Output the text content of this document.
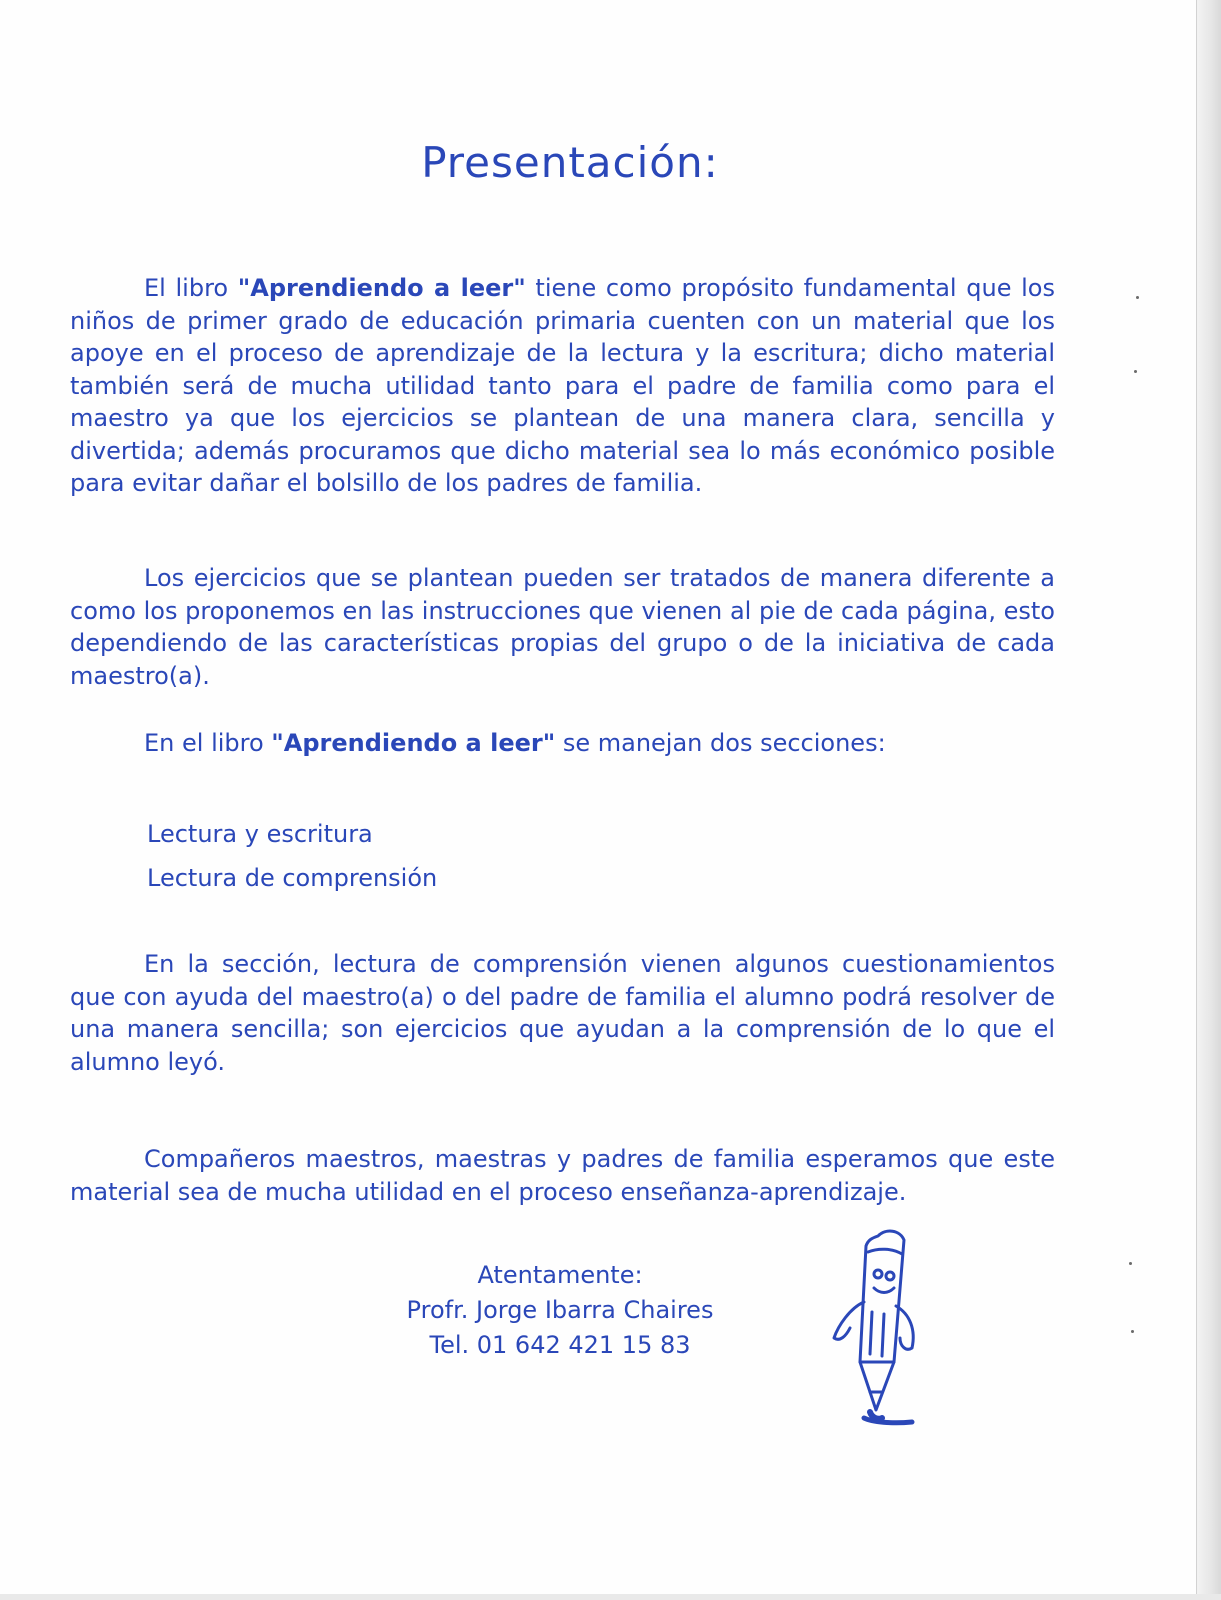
Presentación:

El libro "Aprendiendo a leer" tiene como propósito fundamental que los niños de primer grado de educación primaria cuenten con un material que los apoye en el proceso de aprendizaje de la lectura y la escritura; dicho material también será de mucha utilidad tanto para el padre de familia como para el maestro ya que los ejercicios se plantean de una manera clara, sencilla y divertida; además procuramos que dicho material sea lo más económico posible para evitar dañar el bolsillo de los padres de familia.

Los ejercicios que se plantean pueden ser tratados de manera diferente a como los proponemos en las instrucciones que vienen al pie de cada página, esto dependiendo de las características propias del grupo o de la iniciativa de cada maestro(a).

En el libro "Aprendiendo a leer" se manejan dos secciones:

Lectura y escritura
Lectura de comprensión

En la sección, lectura de comprensión vienen algunos cuestionamientos que con ayuda del maestro(a) o del padre de familia el alumno podrá resolver de una manera sencilla; son ejercicios que ayudan a la comprensión de lo que el alumno leyó.

Compañeros maestros, maestras y padres de familia esperamos que este material sea de mucha utilidad en el proceso enseñanza-aprendizaje.

Atentamente:
Profr. Jorge Ibarra Chaires
Tel. 01 642 421 15 83
